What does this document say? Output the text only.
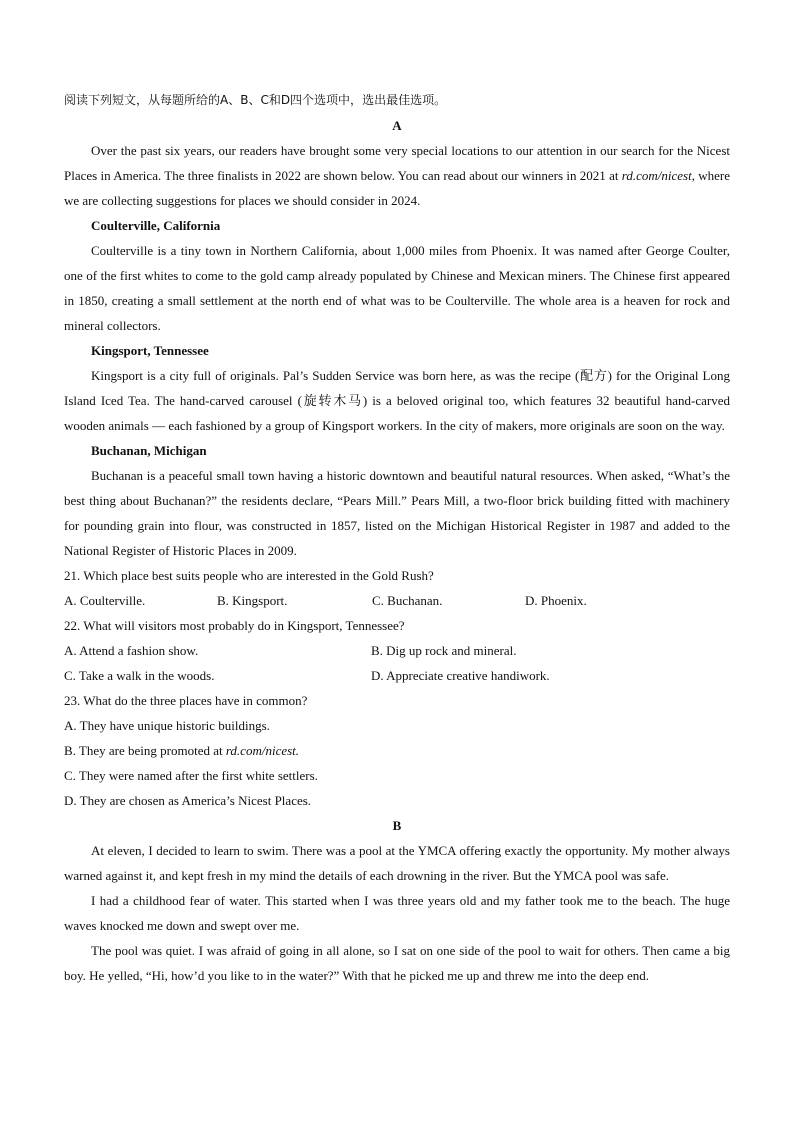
阅读下列短文，从每题所给的A、B、C和D四个选项中，选出最佳选项。

A

Over the past six years, our readers have brought some very special locations to our attention in our search for the Nicest Places in America. The three finalists in 2022 are shown below. You can read about our winners in 2021 at rd.com/nicest, where we are collecting suggestions for places we should consider in 2024.

Coulterville, California

Coulterville is a tiny town in Northern California, about 1,000 miles from Phoenix. It was named after George Coulter, one of the first whites to come to the gold camp already populated by Chinese and Mexican miners. The Chinese first appeared in 1850, creating a small settlement at the north end of what was to be Coulterville. The whole area is a heaven for rock and mineral collectors.

Kingsport, Tennessee

Kingsport is a city full of originals. Pal’s Sudden Service was born here, as was the recipe (配方) for the Original Long Island Iced Tea. The hand-carved carousel (旋转木马) is a beloved original too, which features 32 beautiful hand-carved wooden animals — each fashioned by a group of Kingsport workers. In the city of makers, more originals are soon on the way.

Buchanan, Michigan

Buchanan is a peaceful small town having a historic downtown and beautiful natural resources. When asked, “What’s the best thing about Buchanan?” the residents declare, “Pears Mill.” Pears Mill, a two-floor brick building fitted with machinery for pounding grain into flour, was constructed in 1857, listed on the Michigan Historical Register in 1987 and added to the National Register of Historic Places in 2009.

21. Which place best suits people who are interested in the Gold Rush?

A. Coulterville.	B. Kingsport.	C. Buchanan.	D. Phoenix.

22. What will visitors most probably do in Kingsport, Tennessee?

A. Attend a fashion show.	B. Dig up rock and mineral.
C. Take a walk in the woods.	D. Appreciate creative handiwork.

23. What do the three places have in common?

A. They have unique historic buildings.

B. They are being promoted at rd.com/nicest.

C. They were named after the first white settlers.

D. They are chosen as America’s Nicest Places.

B

At eleven, I decided to learn to swim. There was a pool at the YMCA offering exactly the opportunity. My mother always warned against it, and kept fresh in my mind the details of each drowning in the river. But the YMCA pool was safe.

I had a childhood fear of water. This started when I was three years old and my father took me to the beach. The huge waves knocked me down and swept over me.

The pool was quiet. I was afraid of going in all alone, so I sat on one side of the pool to wait for others. Then came a big boy. He yelled, “Hi, how’d you like to in the water?” With that he picked me up and threw me into the deep end.
